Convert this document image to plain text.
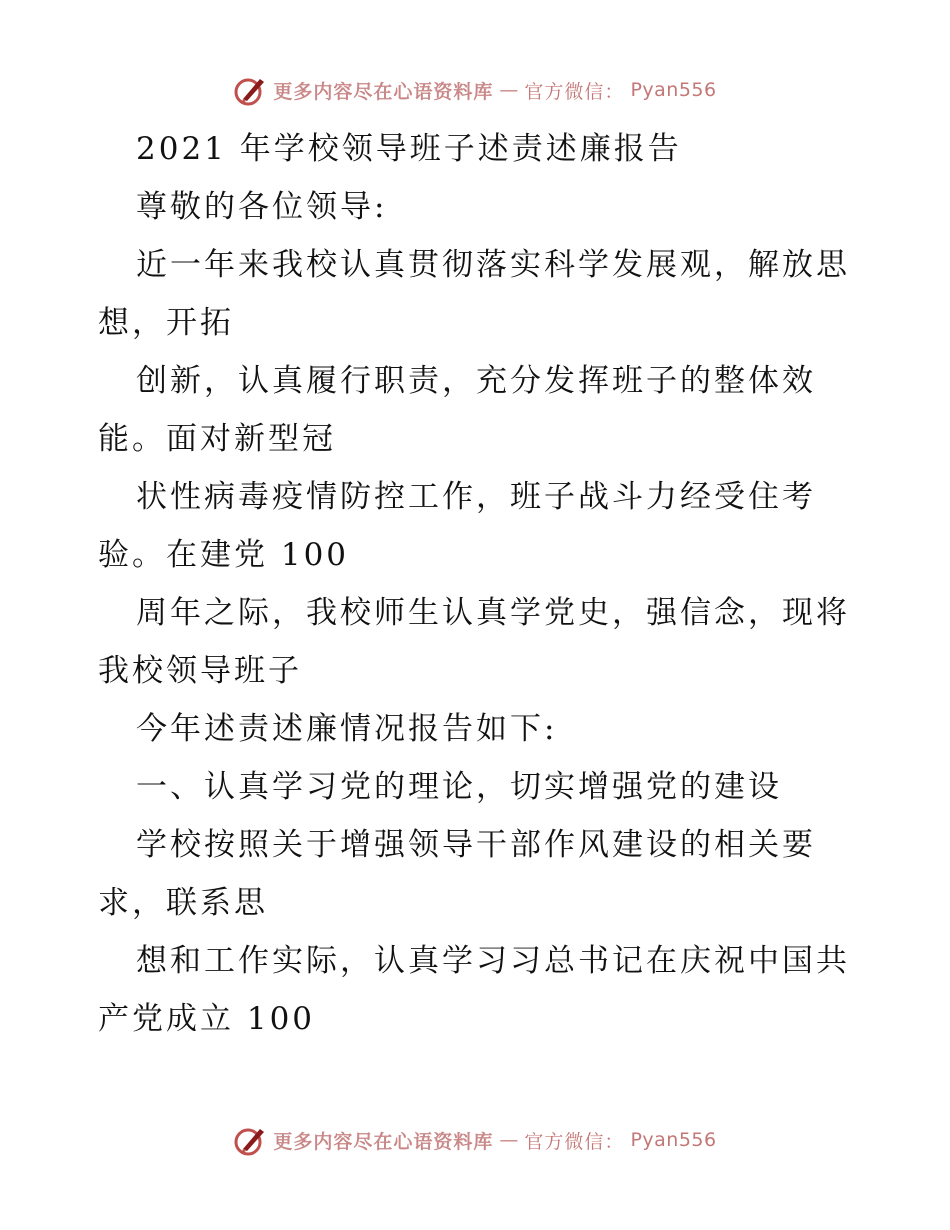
更多内容尽在心语资料库 — 官方微信： Pyan556
2021 年学校领导班子述责述廉报告
尊敬的各位领导:
近一年来我校认真贯彻落实科学发展观，解放思
想，开拓
创新，认真履行职责，充分发挥班子的整体效
能。面对新型冠
状性病毒疫情防控工作，班子战斗力经受住考
验。在建党 100
周年之际，我校师生认真学党史，强信念，现将
我校领导班子
今年述责述廉情况报告如下:
一、认真学习党的理论，切实增强党的建设
学校按照关于增强领导干部作风建设的相关要
求，联系思
想和工作实际，认真学习习总书记在庆祝中国共
产党成立 100
更多内容尽在心语资料库 — 官方微信： Pyan556
